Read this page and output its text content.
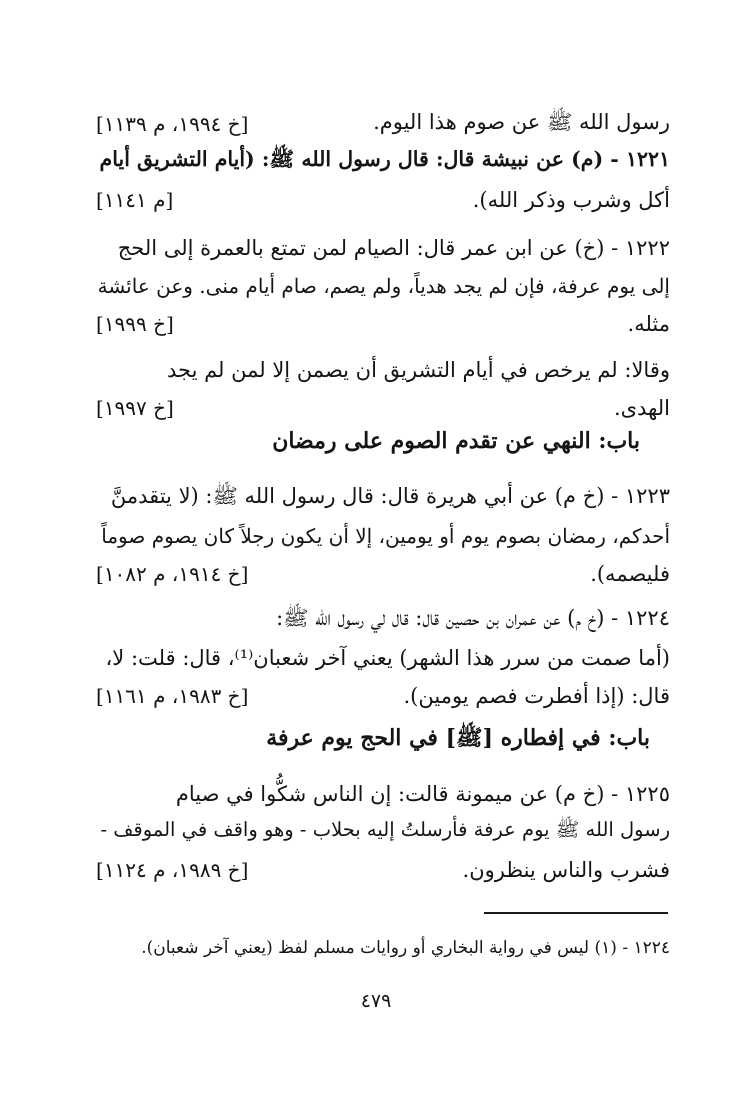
رسول الله ﷺ عن صوم هذا اليوم.
[خ ١٩٩٤، م ١١٣٩]
١٢٢١ - (م) عن نبيشة قال: قال رسول الله ﷺ: (أيام التشريق أيام
أكل وشرب وذكر الله).
[م ١١٤١]
١٢٢٢ - (خ) عن ابن عمر قال: الصيام لمن تمتع بالعمرة إلى الحج
إلى يوم عرفة، فإن لم يجد هدياً، ولم يصم، صام أيام منى. وعن عائشة
مثله.
[خ ١٩٩٩]
وقالا: لم يرخص في أيام التشريق أن يصمن إلا لمن لم يجد
الهدى.
[خ ١٩٩٧]
باب: النهي عن تقدم الصوم على رمضان
١٢٢٣ - (خ م) عن أبي هريرة قال: قال رسول الله ﷺ: (لا يتقدمنَّ
أحدكم، رمضان بصوم يوم أو يومين، إلا أن يكون رجلاً كان يصوم صوماً
فليصمه).
[خ ١٩١٤، م ١٠٨٢]
١٢٢٤ - (خ م) عن عمران بن حصين قال: قال لي رسول الله ﷺ:
(أما صمت من سرر هذا الشهر) يعني آخر شعبان⁽¹⁾، قال: قلت: لا،
قال: (إذا أفطرت فصم يومين).
[خ ١٩٨٣، م ١١٦١]
باب: في إفطاره [ﷺ] في الحج يوم عرفة
١٢٢٥ - (خ م) عن ميمونة قالت: إن الناس شكُّوا في صيام
رسول الله ﷺ يوم عرفة فأرسلتُ إليه بحلاب - وهو واقف في الموقف -
فشرب والناس ينظرون.
[خ ١٩٨٩، م ١١٢٤]
١٢٢٤ - (١) ليس في رواية البخاري أو روايات مسلم لفظ (يعني آخر شعبان).
٤٧٩
